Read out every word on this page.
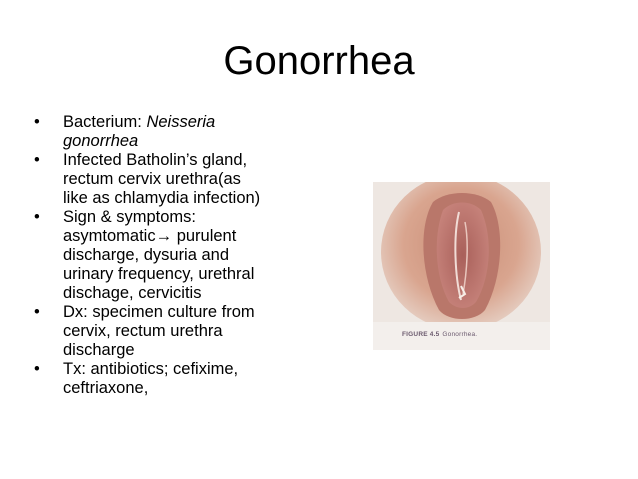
Gonorrhea
• Bacterium: Neisseria
gonorrhea
• Infected Batholin’s gland,
rectum cervix urethra(as
like as chlamydia infection)
• Sign & symptoms:
asymtomatic→ purulent
discharge, dysuria and
urinary frequency, urethral
dischage, cervicitis
• Dx: specimen culture from
cervix, rectum urethra
discharge
• Tx: antibiotics; cefixime,
ceftriaxone,
FIGURE 4.5 Gonorrhea.
